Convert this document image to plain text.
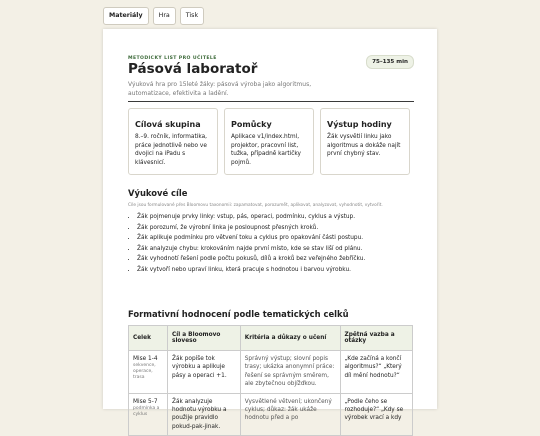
Materiály	Hra	Tisk
METODICKÝ LIST PRO UČITELE
75–135 min
Pásová laboratoř

Výuková hra pro 15leté žáky: pásová výroba jako algoritmus, automatizace, efektivita a ladění.

Cílová skupina

8.–9. ročník, informatika, práce jednotlivě nebo ve dvojici na iPadu s klávesnicí.

Pomůcky

Aplikace v1/index.html, projektor, pracovní list, tužka, případně kartičky pojmů.

Výstup hodiny

Žák vysvětlí linku jako algoritmus a dokáže najít první chybný stav.

Výukové cíle
Cíle jsou formulované přes Bloomovu taxonomii: zapamatovat, porozumět, aplikovat, analyzovat, vyhodnotit, vytvořit.
• Žák pojmenuje prvky linky: vstup, pás, operaci, podmínku, cyklus a výstup.
• Žák porozumí, že výrobní linka je posloupnost přesných kroků.
• Žák aplikuje podmínku pro větvení toku a cyklus pro opakování části postupu.
• Žák analyzuje chybu: krokováním najde první místo, kde se stav liší od plánu.
• Žák vyhodnotí řešení podle počtu pokusů, dílů a kroků bez veřejného žebříčku.
• Žák vytvoří nebo upraví linku, která pracuje s hodnotou i barvou výrobku.
Formativní hodnocení podle tematických celků
Celek	Cíl a Bloomovo sloveso	Kritéria a důkazy o učení	Zpětná vazba a otázky
Mise 1-4
sekvence, operace, trasa	Žák popíše tok výrobku a aplikuje pásy a operaci +1.	Správný výstup; slovní popis trasy; ukázka anonymní práce: řešení se správným směrem, ale zbytečnou objížďkou.	„Kde začíná a končí algoritmus?“ „Který díl mění hodnotu?“
Mise 5-7
podmínka a cyklus	Žák analyzuje hodnotu výrobku a použije pravidlo pokud-pak-jinak.	Vysvětlené větvení; ukončený cyklus; důkaz: žák ukáže hodnotu před a po	„Podle čeho se rozhoduje?“ „Kdy se výrobek vrací a kdy
